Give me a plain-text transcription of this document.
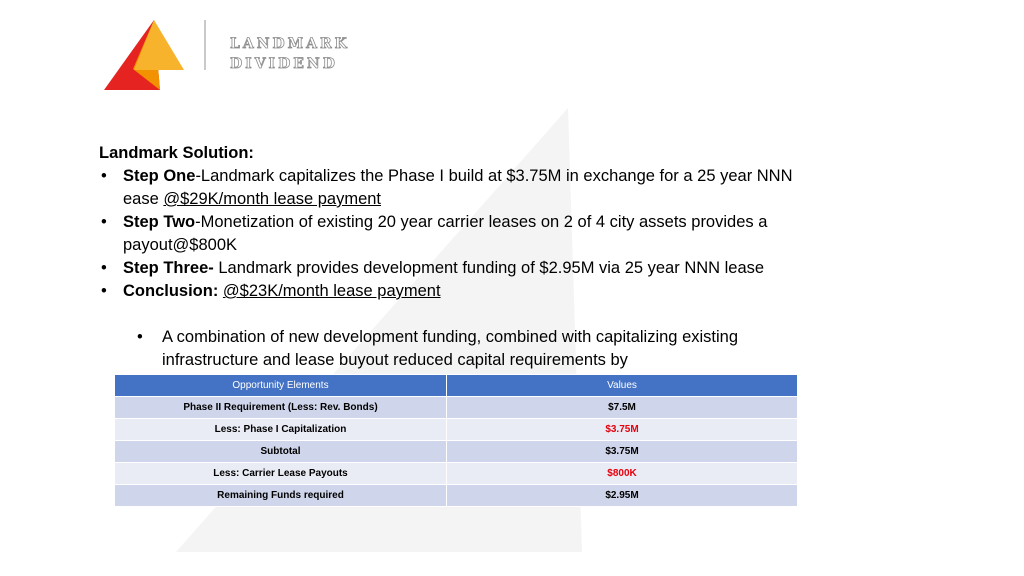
LANDMARK
DIVIDEND
Landmark Solution:
• Step One-Landmark capitalizes the Phase I build at $3.75M in exchange for a 25 year NNN ease @$29K/month lease payment
• Step Two-Monetization of existing 20 year carrier leases on 2 of 4 city assets provides a payout@$800K
• Step Three- Landmark provides development funding of $2.95M via 25 year NNN lease
• Conclusion: @$23K/month lease payment
•	A combination of new development funding, combined with capitalizing existing infrastructure and lease buyout reduced capital requirements by
Opportunity Elements	Values
Phase II Requirement (Less: Rev. Bonds)	$7.5M
Less: Phase I Capitalization	$3.75M
Subtotal	$3.75M
Less: Carrier Lease Payouts	$800K
Remaining Funds required	$2.95M
